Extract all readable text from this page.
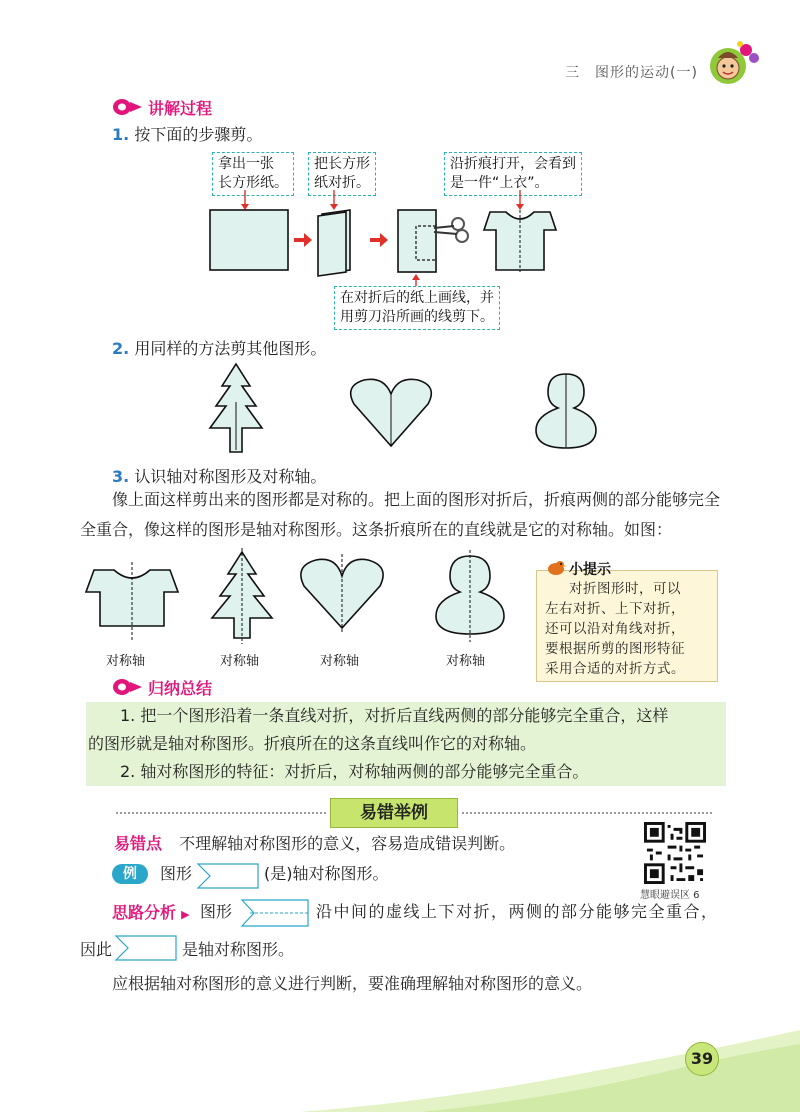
三　图形的运动(一)
讲解过程
1. 按下面的步骤剪。
拿出一张
长方形纸。
把长方形
纸对折。
沿折痕打开，会看到
是一件“上衣”。
在对折后的纸上画线，并
用剪刀沿所画的线剪下。
2. 用同样的方法剪其他图形。
3. 认识轴对称图形及对称轴。
像上面这样剪出来的图形都是对称的。把上面的图形对折后，折痕两侧的部分能够完全
全重合，像这样的图形是轴对称图形。这条折痕所在的直线就是它的对称轴。如图：
对称轴	对称轴	对称轴	对称轴
小提示
对折图形时，可以
左右对折、上下对折，
还可以沿对角线对折，
要根据所剪的图形特征
采用合适的对折方式。
归纳总结

1. 把一个图形沿着一条直线对折，对折后直线两侧的部分能够完全重合，这样

的图形就是轴对称图形。折痕所在的这条直线叫作它的对称轴。

2. 轴对称图形的特征：对折后，对称轴两侧的部分能够完全重合。

易错举例
易错点 不理解轴对称图形的意义，容易造成错误判断。
例	图形	(是)轴对称图形。
思路分析 ▶ 图形	沿中间的虚线上下对折，两侧的部分能够完全重合，
因此	是轴对称图形。
应根据轴对称图形的意义进行判断，要准确理解轴对称图形的意义。
慧眼避误区 6
39
